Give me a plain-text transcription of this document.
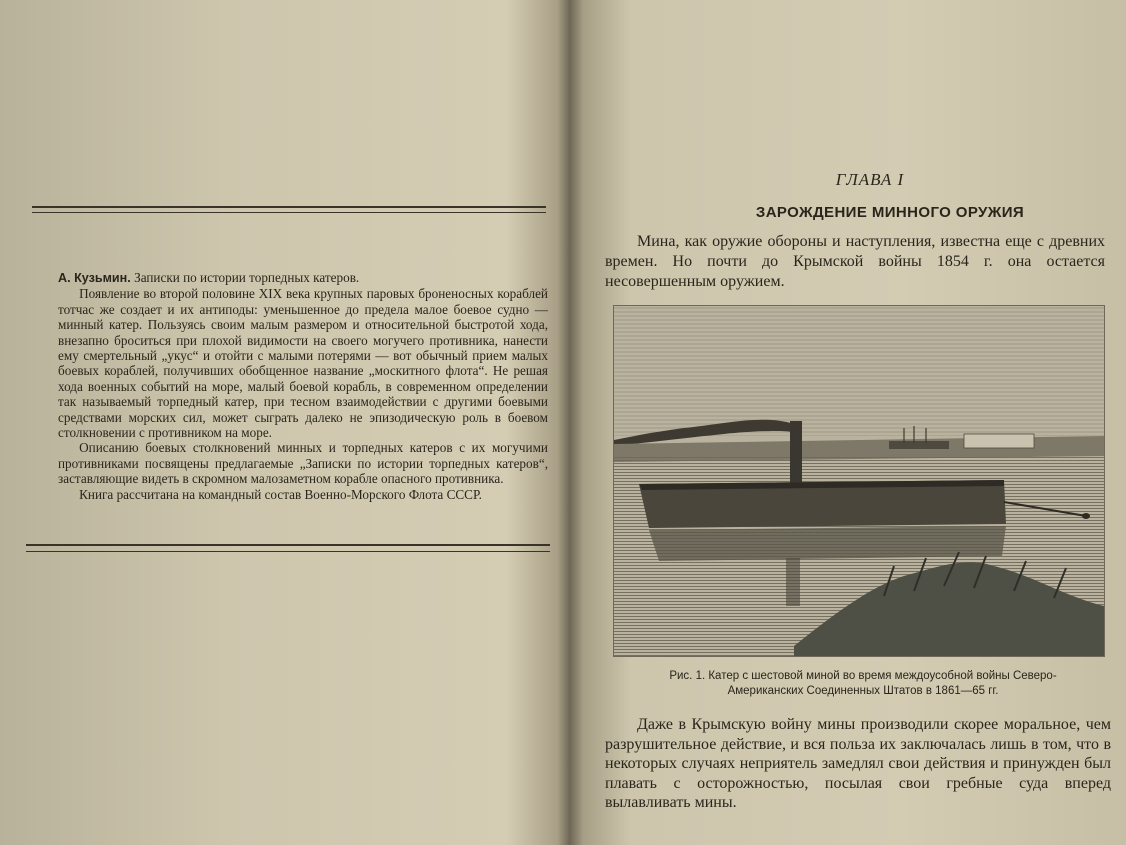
А. Кузьмин. Записки по истории торпедных катеров.

Появление во второй половине XIX века крупных паровых броненосных кораблей тотчас же создает и их антиподы: уменьшенное до предела малое боевое судно — минный катер. Пользуясь своим малым размером и относительной быстротой хода, внезапно броситься при плохой видимости на своего могучего противника, нанести ему смертельный „укус“ и отойти с малыми потерями — вот обычный прием малых боевых кораблей, получивших обобщенное название „москитного флота“. Не решая хода военных событий на море, малый боевой корабль, в современном определении так называемый торпедный катер, при тесном взаимодействии с другими боевыми средствами морских сил, может сыграть далеко не эпизодическую роль в боевом столкновении с противником на море.

Описанию боевых столкновений минных и торпедных катеров с их могучими противниками посвящены предлагаемые „Записки по истории торпедных катеров“, заставляющие видеть в скромном малозаметном корабле опасного противника.

Книга рассчитана на командный состав Военно-Морского Флота СССР.

ГЛАВА I
ЗАРОЖДЕНИЕ МИННОГО ОРУЖИЯ

Мина, как оружие обороны и наступления, известна еще с древних времен. Но почти до Крымской войны 1854 г. она остается несовершенным оружием.

Рис. 1. Катер с шестовой миной во время междоусобной войны Северо-
Американских Соединенных Штатов в 1861—65 гг.

Даже в Крымскую войну мины производили скорее моральное, чем разрушительное действие, и вся польза их заключалась лишь в том, что в некоторых случаях неприятель замедлял свои действия и принужден был плавать с осторожностью, посылая свои гребные суда вперед вылавливать мины.
